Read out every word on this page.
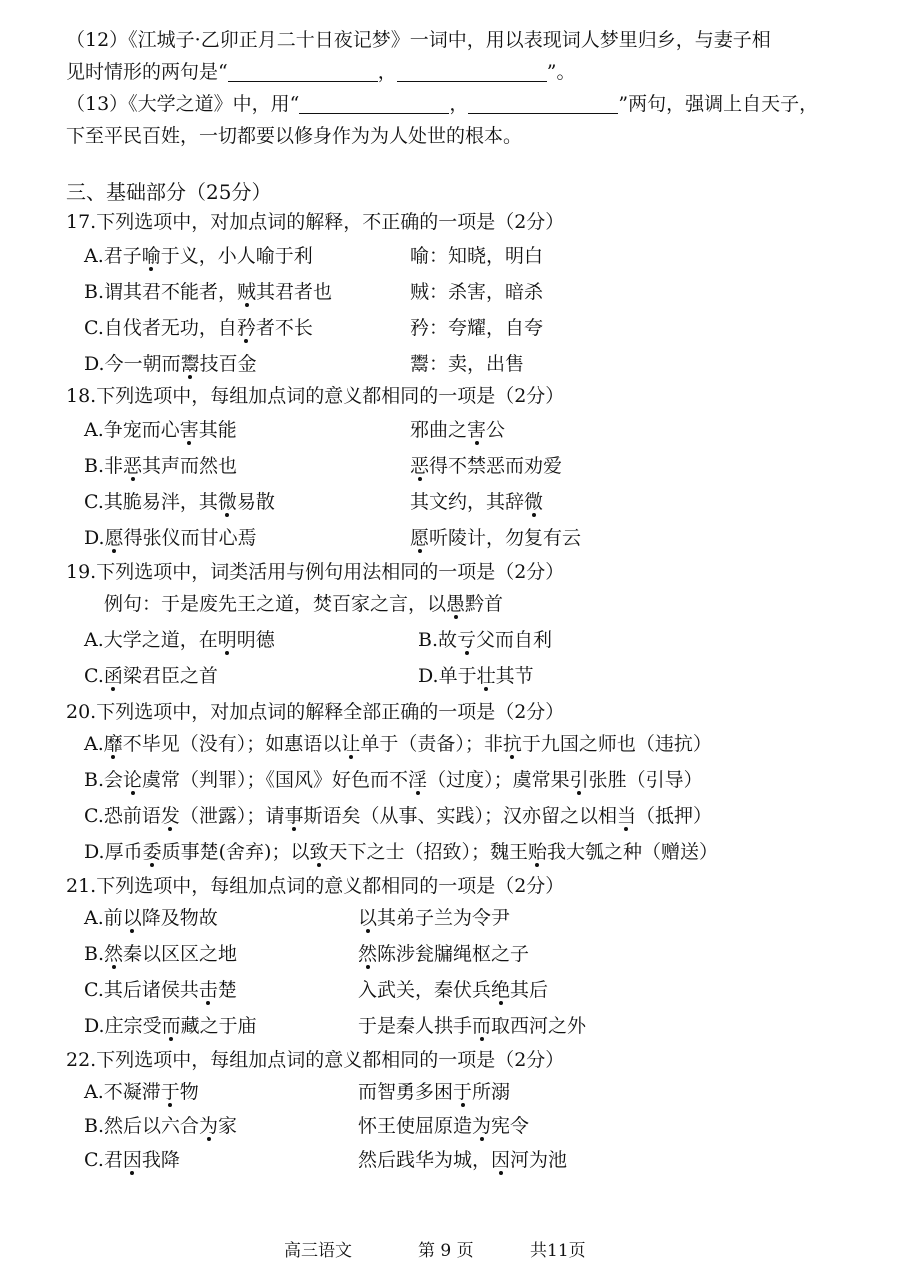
（12）《江城子·乙卯正月二十日夜记梦》一词中，用以表现词人梦里归乡，与妻子相
见时情形的两句是“	，	”。
（13）《大学之道》中，用“	，	”两句，强调上自天子，
下至平民百姓，一切都要以修身作为为人处世的根本。
三、基础部分（25分）
17.下列选项中，对加点词的解释，不正确的一项是（2分）
A.君子喻于义，小人喻于利	喻：知晓，明白
B.谓其君不能者，贼其君者也	贼：杀害，暗杀
C.自伐者无功，自矜者不长	矜：夸耀，自夸
D.今一朝而鬻技百金	鬻：卖，出售
18.下列选项中，每组加点词的意义都相同的一项是（2分）
A.争宠而心害其能	邪曲之害公
B.非恶其声而然也	恶得不禁恶而劝爱
C.其脆易泮，其微易散	其文约，其辞微
D.愿得张仪而甘心焉	愿听陵计，勿复有云
19.下列选项中，词类活用与例句用法相同的一项是（2分）
例句：于是废先王之道，焚百家之言，以愚黔首
A.大学之道，在明明德	B.故亏父而自利
C.函梁君臣之首	D.单于壮其节
20.下列选项中，对加点词的解释全部正确的一项是（2分）
A.靡不毕见（没有）；如惠语以让单于（责备）；非抗于九国之师也（违抗）
B.会论虞常（判罪）；《国风》好色而不淫（过度）；虞常果引张胜（引导）
C.恐前语发（泄露）；请事斯语矣（从事、实践）；汉亦留之以相当（抵押）
D.厚币委质事楚(舍弃)；以致天下之士（招致）；魏王贻我大瓠之种（赠送）
21.下列选项中，每组加点词的意义都相同的一项是（2分）
A.前以降及物故	以其弟子兰为令尹
B.然秦以区区之地	然陈涉瓮牖绳枢之子
C.其后诸侯共击楚	入武关，秦伏兵绝其后
D.庄宗受而藏之于庙	于是秦人拱手而取西河之外
22.下列选项中，每组加点词的意义都相同的一项是（2分）
A.不凝滞于物	而智勇多困于所溺
B.然后以六合为家	怀王使屈原造为宪令
C.君因我降	然后践华为城，因河为池
高三语文	第 9 页	共11页
